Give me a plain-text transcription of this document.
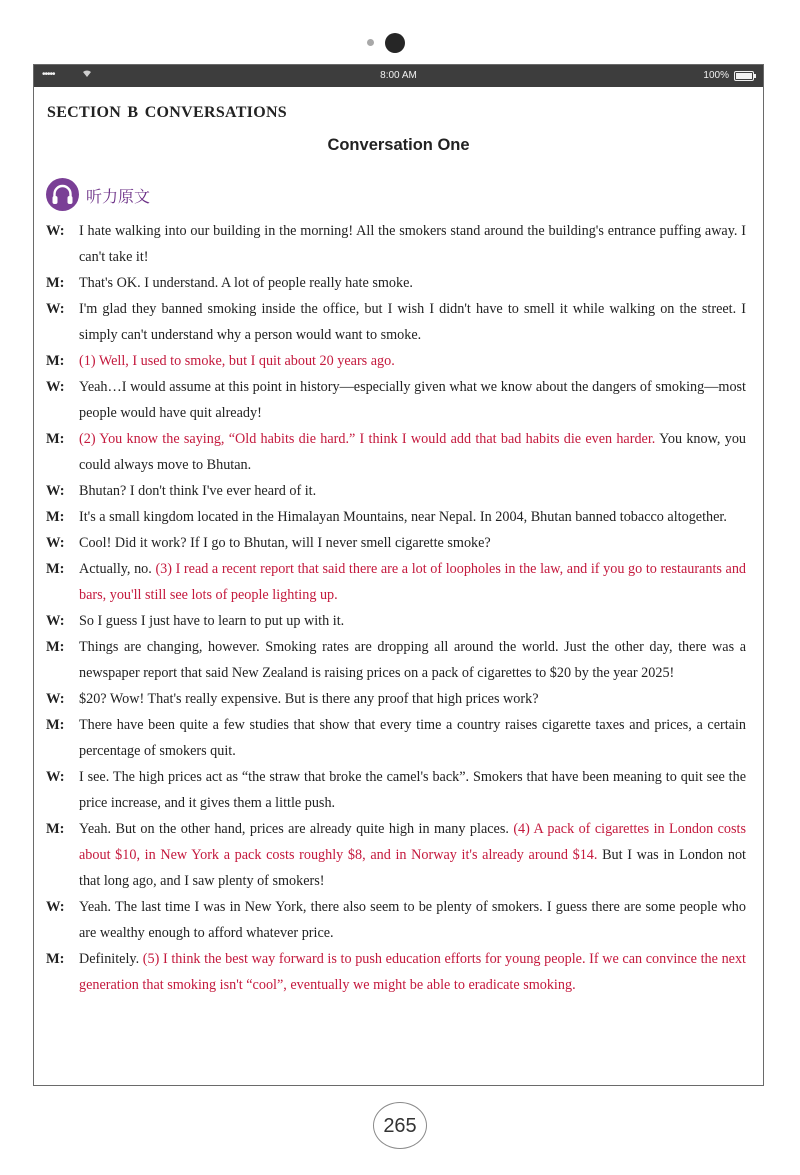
•••••	8:00 AM	100%
SECTION B CONVERSATIONS
Conversation One
听力原文
W: I hate walking into our building in the morning! All the smokers stand around the building's entrance puffing away. I can't take it!
M: That's OK. I understand. A lot of people really hate smoke.
W: I'm glad they banned smoking inside the office, but I wish I didn't have to smell it while walking on the street. I simply can't understand why a person would want to smoke.
M: (1) Well, I used to smoke, but I quit about 20 years ago.
W: Yeah…I would assume at this point in history—especially given what we know about the dangers of smoking—most people would have quit already!
M: (2) You know the saying, “Old habits die hard.” I think I would add that bad habits die even harder. You know, you could always move to Bhutan.
W: Bhutan? I don't think I've ever heard of it.
M: It's a small kingdom located in the Himalayan Mountains, near Nepal. In 2004, Bhutan banned tobacco altogether.
W: Cool! Did it work? If I go to Bhutan, will I never smell cigarette smoke?
M: Actually, no. (3) I read a recent report that said there are a lot of loopholes in the law, and if you go to restaurants and bars, you'll still see lots of people lighting up.
W: So I guess I just have to learn to put up with it.
M: Things are changing, however. Smoking rates are dropping all around the world. Just the other day, there was a newspaper report that said New Zealand is raising prices on a pack of cigarettes to $20 by the year 2025!
W: $20? Wow! That's really expensive. But is there any proof that high prices work?
M: There have been quite a few studies that show that every time a country raises cigarette taxes and prices, a certain percentage of smokers quit.
W: I see. The high prices act as “the straw that broke the camel's back”. Smokers that have been meaning to quit see the price increase, and it gives them a little push.
M: Yeah. But on the other hand, prices are already quite high in many places. (4) A pack of cigarettes in London costs about $10, in New York a pack costs roughly $8, and in Norway it's already around $14. But I was in London not that long ago, and I saw plenty of smokers!
W: Yeah. The last time I was in New York, there also seem to be plenty of smokers. I guess there are some people who are wealthy enough to afford whatever price.
M: Definitely. (5) I think the best way forward is to push education efforts for young people. If we can convince the next generation that smoking isn't “cool”, eventually we might be able to eradicate smoking.
265
